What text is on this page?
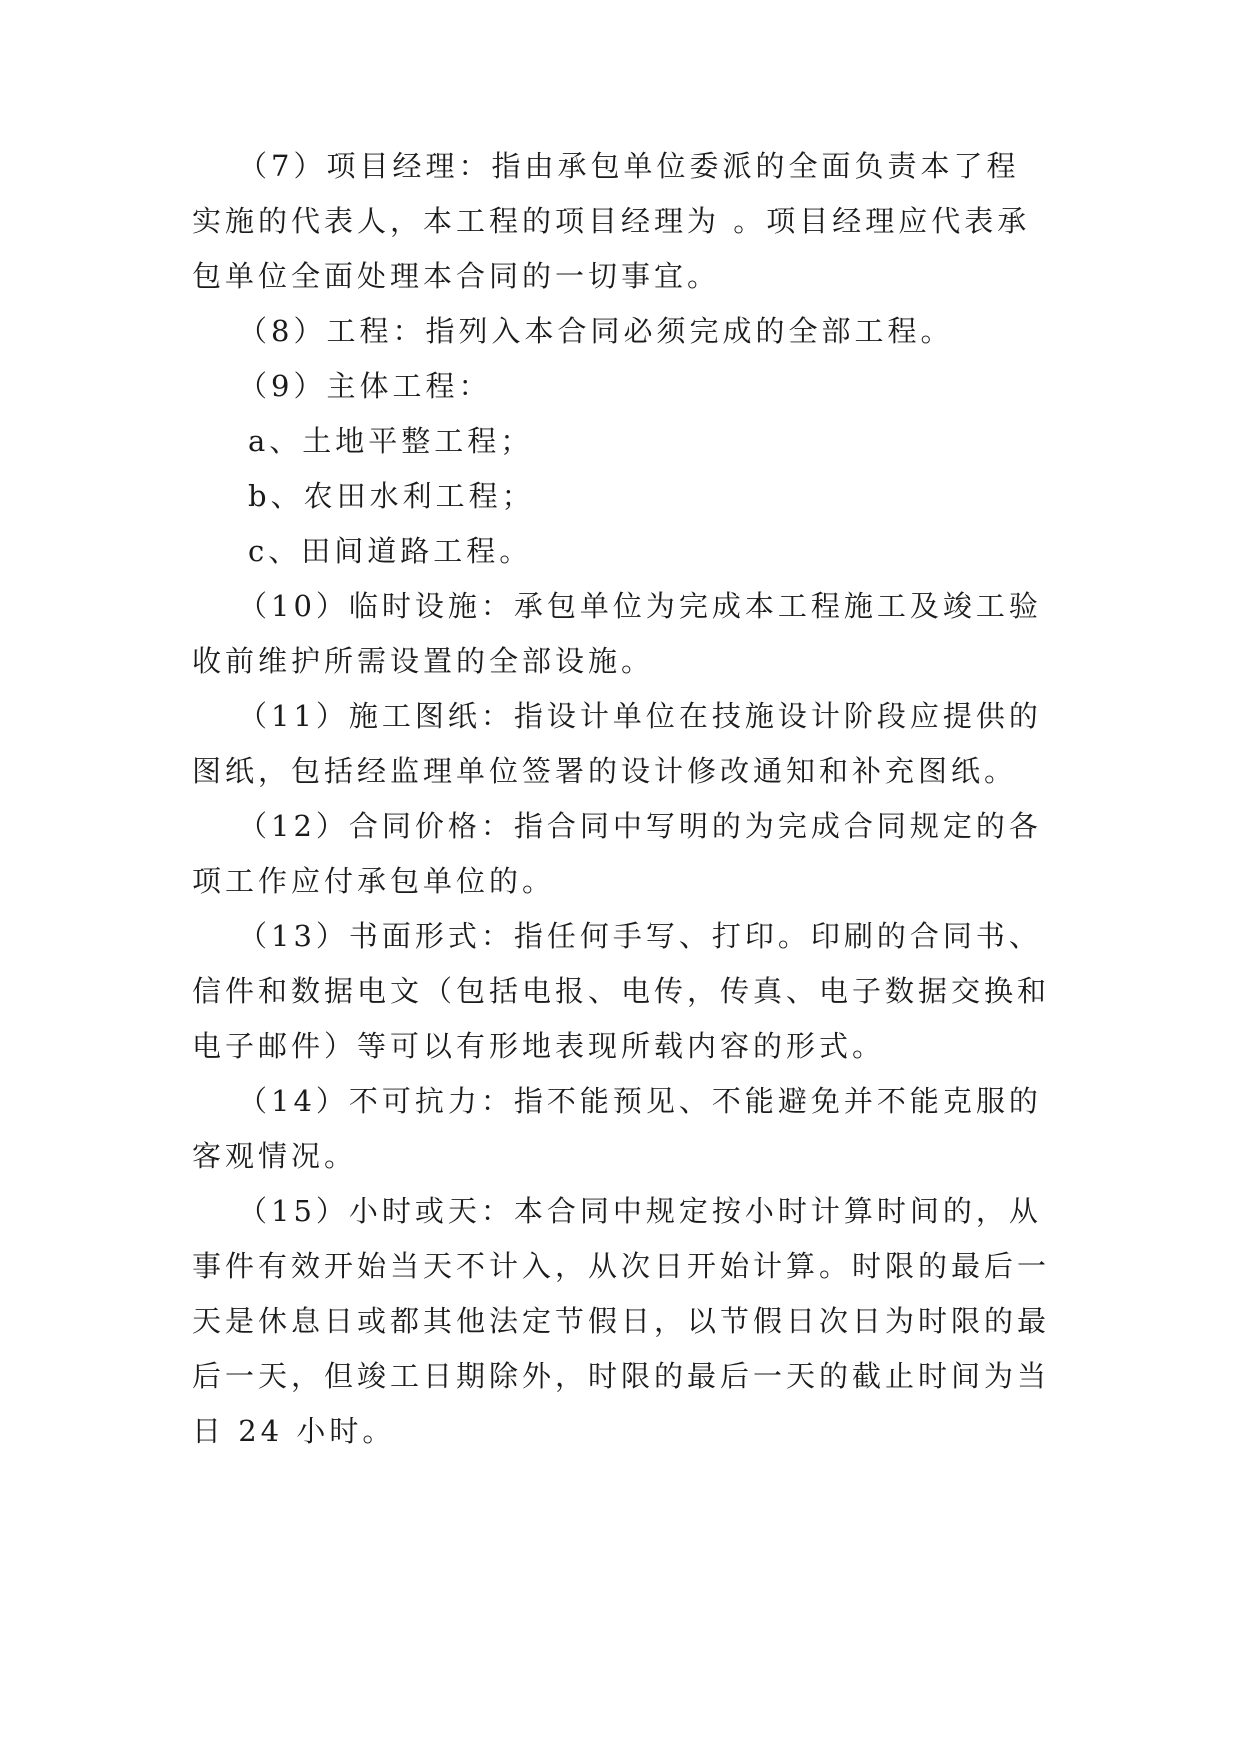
（7）项目经理：指由承包单位委派的全面负责本了程
实施的代表人，本工程的项目经理为 。项目经理应代表承
包单位全面处理本合同的一切事宜。
（8）工程：指列入本合同必须完成的全部工程。
（9）主体工程：
a、土地平整工程；
b、农田水利工程；
c、田间道路工程。
（10）临时设施：承包单位为完成本工程施工及竣工验
收前维护所需设置的全部设施。
（11）施工图纸：指设计单位在技施设计阶段应提供的
图纸，包括经监理单位签署的设计修改通知和补充图纸。
（12）合同价格：指合同中写明的为完成合同规定的各
项工作应付承包单位的。
（13）书面形式：指任何手写、打印。印刷的合同书、
信件和数据电文（包括电报、电传，传真、电子数据交换和
电子邮件）等可以有形地表现所载内容的形式。
（14）不可抗力：指不能预见、不能避免并不能克服的
客观情况。
（15）小时或天：本合同中规定按小时计算时间的，从
事件有效开始当天不计入，从次日开始计算。时限的最后一
天是休息日或都其他法定节假日，以节假日次日为时限的最
后一天，但竣工日期除外，时限的最后一天的截止时间为当
日 24 小时。
